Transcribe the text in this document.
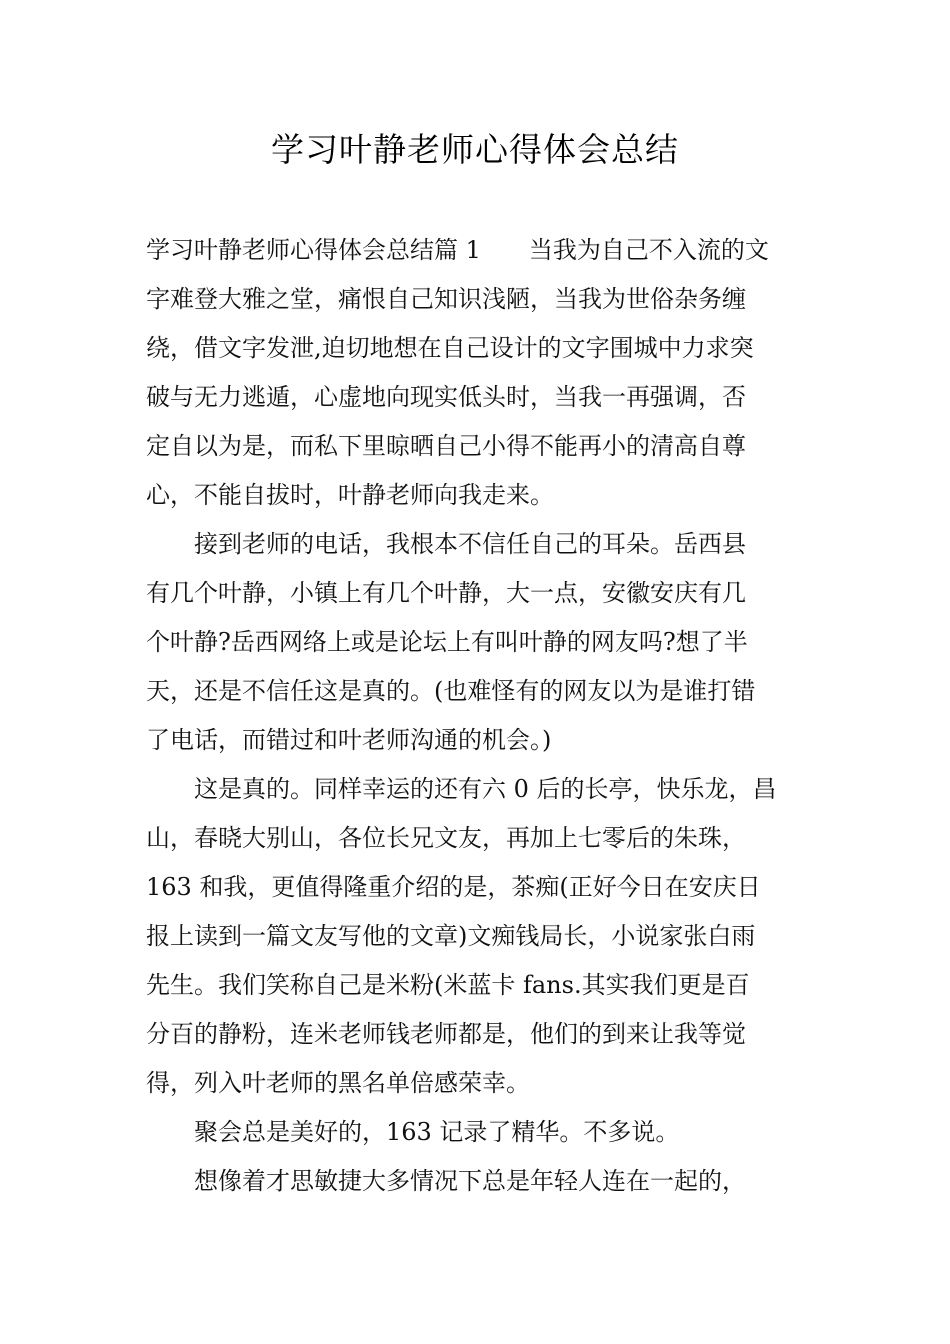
学习叶静老师心得体会总结
学习叶静老师心得体会总结篇 1　　当我为自己不入流的文
字难登大雅之堂，痛恨自己知识浅陋，当我为世俗杂务缠
绕，借文字发泄,迫切地想在自己设计的文字围城中力求突
破与无力逃遁，心虚地向现实低头时，当我一再强调，否
定自以为是，而私下里晾晒自己小得不能再小的清高自尊
心，不能自拔时，叶静老师向我走来。
　　接到老师的电话，我根本不信任自己的耳朵。岳西县
有几个叶静，小镇上有几个叶静，大一点，安徽安庆有几
个叶静?岳西网络上或是论坛上有叫叶静的网友吗?想了半
天，还是不信任这是真的。(也难怪有的网友以为是谁打错
了电话，而错过和叶老师沟通的机会。)
　　这是真的。同样幸运的还有六 0 后的长亭，快乐龙，昌
山，春晓大别山，各位长兄文友，再加上七零后的朱珠，
163 和我，更值得隆重介绍的是，茶痴(正好今日在安庆日
报上读到一篇文友写他的文章)文痴钱局长，小说家张白雨
先生。我们笑称自己是米粉(米蓝卡 fans.其实我们更是百
分百的静粉，连米老师钱老师都是，他们的到来让我等觉
得，列入叶老师的黑名单倍感荣幸。
　　聚会总是美好的，163 记录了精华。不多说。
　　想像着才思敏捷大多情况下总是年轻人连在一起的，
